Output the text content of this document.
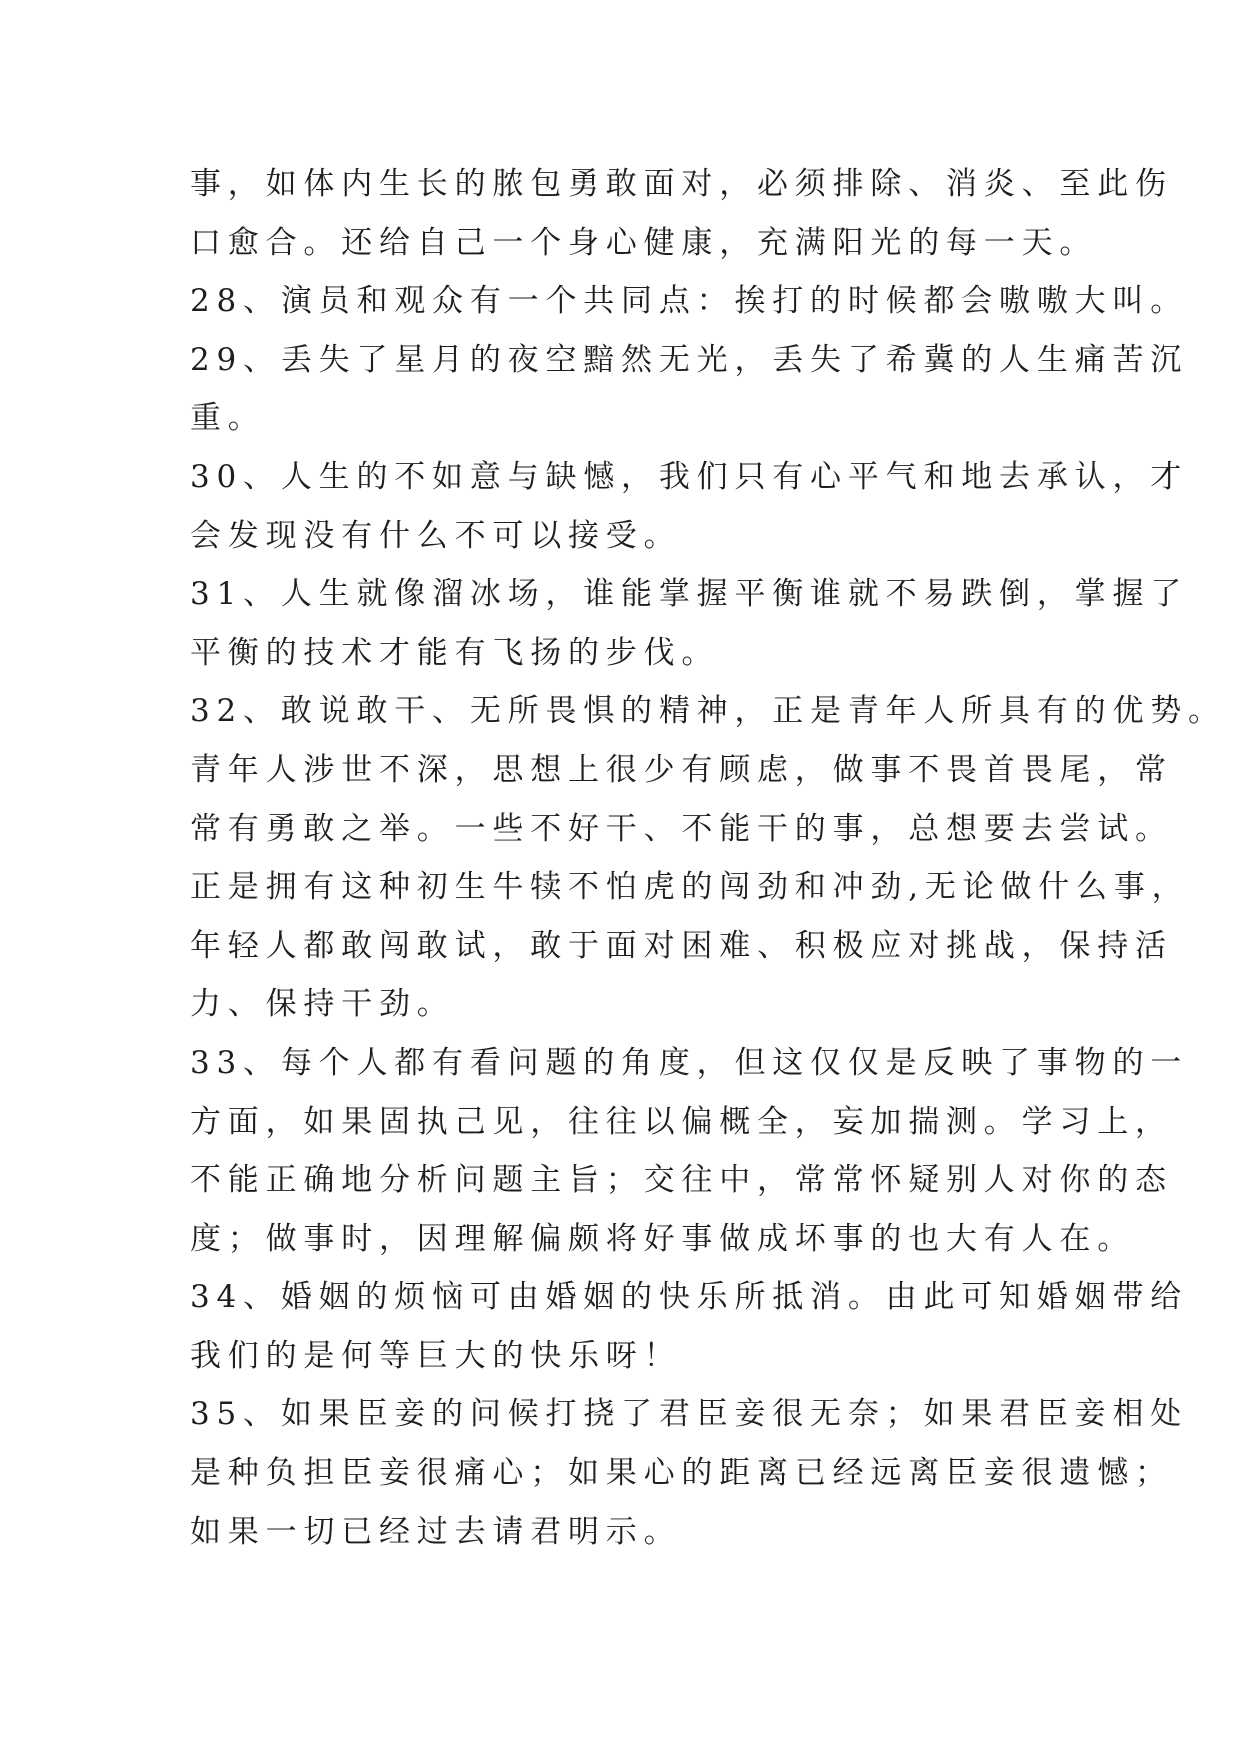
事，如体内生长的脓包勇敢面对，必须排除、消炎、至此伤
口愈合。还给自己一个身心健康，充满阳光的每一天。
28、演员和观众有一个共同点：挨打的时候都会嗷嗷大叫。
29、丢失了星月的夜空黯然无光，丢失了希冀的人生痛苦沉
重。
30、人生的不如意与缺憾，我们只有心平气和地去承认，才
会发现没有什么不可以接受。
31、人生就像溜冰场，谁能掌握平衡谁就不易跌倒，掌握了
平衡的技术才能有飞扬的步伐。
32、敢说敢干、无所畏惧的精神，正是青年人所具有的优势。
青年人涉世不深，思想上很少有顾虑，做事不畏首畏尾，常
常有勇敢之举。一些不好干、不能干的事，总想要去尝试。
正是拥有这种初生牛犊不怕虎的闯劲和冲劲,无论做什么事，
年轻人都敢闯敢试，敢于面对困难、积极应对挑战，保持活
力、保持干劲。
33、每个人都有看问题的角度，但这仅仅是反映了事物的一
方面，如果固执己见，往往以偏概全，妄加揣测。学习上，
不能正确地分析问题主旨；交往中，常常怀疑别人对你的态
度；做事时，因理解偏颇将好事做成坏事的也大有人在。
34、婚姻的烦恼可由婚姻的快乐所抵消。由此可知婚姻带给
我们的是何等巨大的快乐呀！
35、如果臣妾的问候打挠了君臣妾很无奈；如果君臣妾相处
是种负担臣妾很痛心；如果心的距离已经远离臣妾很遗憾；
如果一切已经过去请君明示。
